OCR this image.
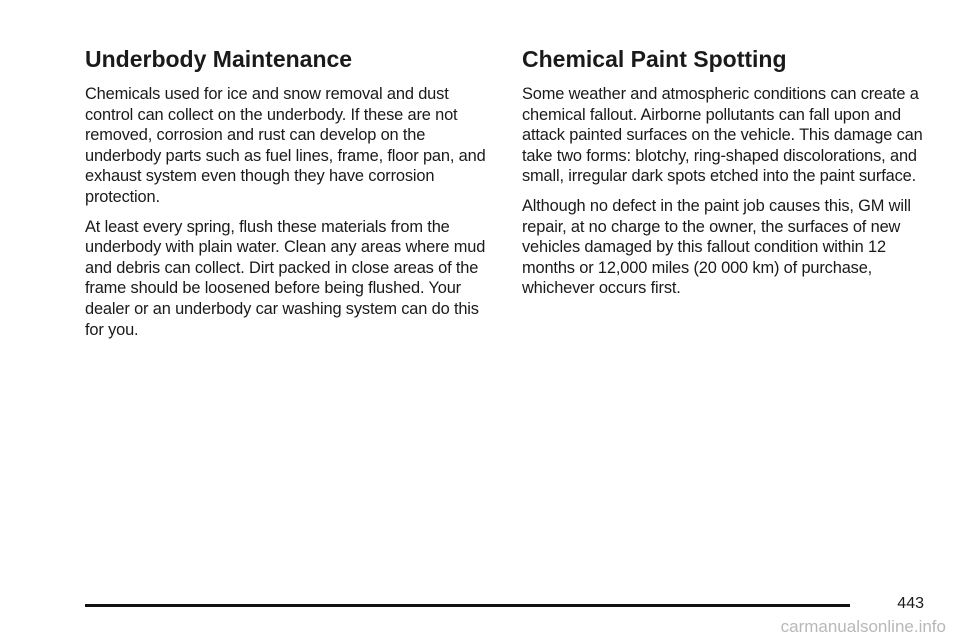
Underbody Maintenance

Chemicals used for ice and snow removal and dust control can collect on the underbody. If these are not removed, corrosion and rust can develop on the underbody parts such as fuel lines, frame, floor pan, and exhaust system even though they have corrosion protection.

At least every spring, flush these materials from the underbody with plain water. Clean any areas where mud and debris can collect. Dirt packed in close areas of the frame should be loosened before being flushed. Your dealer or an underbody car washing system can do this for you.

Chemical Paint Spotting

Some weather and atmospheric conditions can create a chemical fallout. Airborne pollutants can fall upon and attack painted surfaces on the vehicle. This damage can take two forms: blotchy, ring-shaped discolorations, and small, irregular dark spots etched into the paint surface.

Although no defect in the paint job causes this, GM will repair, at no charge to the owner, the surfaces of new vehicles damaged by this fallout condition within 12 months or 12,000 miles (20 000 km) of purchase, whichever occurs first.

443
carmanualsonline.info
